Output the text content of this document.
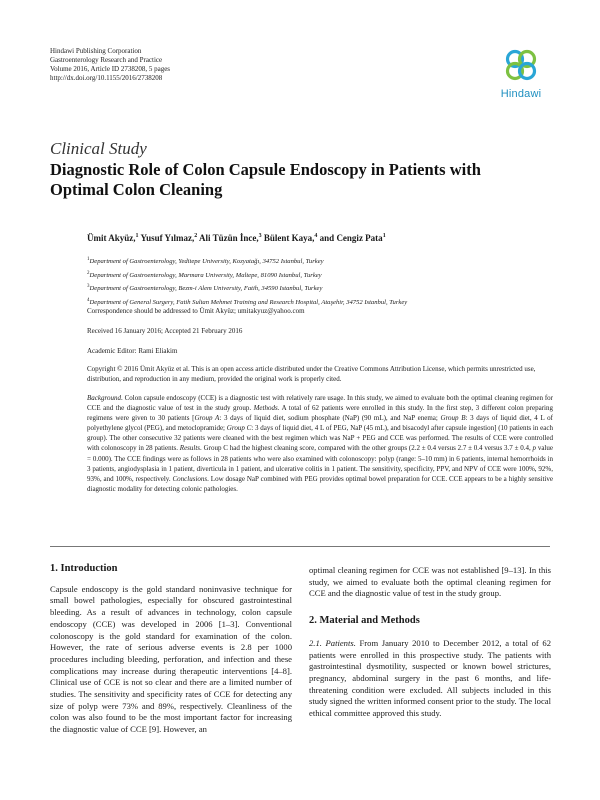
Hindawi Publishing Corporation
Gastroenterology Research and Practice
Volume 2016, Article ID 2738208, 5 pages
http://dx.doi.org/10.1155/2016/2738208
Hindawi
Clinical Study
Diagnostic Role of Colon Capsule Endoscopy in Patients with Optimal Colon Cleaning
Ümit Akyüz,$^1$ Yusuf Yılmaz,$^2$ Ali Tüzün İnce,$^3$ Bülent Kaya,$^4$ and Cengiz Pata$^1$
$^1$Department of Gastroenterology, Yeditepe University, Kozyatağı, 34752 Istanbul, Turkey
$^2$Department of Gastroenterology, Marmara University, Maltepe, 81090 Istanbul, Turkey
$^3$Department of Gastroenterology, Bezm-i Alem University, Fatih, 34590 Istanbul, Turkey
$^4$Department of General Surgery, Fatih Sultan Mehmet Training and Research Hospital, Ataşehir, 34752 Istanbul, Turkey
Correspondence should be addressed to Ümit Akyüz; umitakyuz@yahoo.com
Received 16 January 2016; Accepted 21 February 2016
Academic Editor: Rami Eliakim
Copyright © 2016 Ümit Akyüz et al. This is an open access article distributed under the Creative Commons Attribution License, which permits unrestricted use, distribution, and reproduction in any medium, provided the original work is properly cited.
Background. Colon capsule endoscopy (CCE) is a diagnostic test with relatively rare usage. In this study, we aimed to evaluate both the optimal cleaning regimen for CCE and the diagnostic value of test in the study group. Methods. A total of 62 patients were enrolled in this study. In the first step, 3 different colon preparing regimens were given to 30 patients [Group A: 3 days of liquid diet, sodium phosphate (NaP) (90 mL), and NaP enema; Group B: 3 days of liquid diet, 4 L of polyethylene glycol (PEG), and metoclopramide; Group C: 3 days of liquid diet, 4 L of PEG, NaP (45 mL), and bisacodyl after capsule ingestion] (10 patients in each group). The other consecutive 32 patients were cleaned with the best regimen which was NaP + PEG and CCE was performed. The results of CCE were controlled with colonoscopy in 28 patients. Results. Group C had the highest cleaning score, compared with the other groups (2.2 ± 0.4 versus 2.7 ± 0.4 versus 3.7 ± 0.4, p value = 0.000). The CCE findings were as follows in 28 patients who were also examined with colonoscopy: polyp (range: 5–10 mm) in 6 patients, internal hemorrhoids in 3 patients, angiodysplasia in 1 patient, diverticula in 1 patient, and ulcerative colitis in 1 patient. The sensitivity, specificity, PPV, and NPV of CCE were 100%, 92%, 93%, and 100%, respectively. Conclusions. Low dosage NaP combined with PEG provides optimal bowel preparation for CCE. CCE appears to be a highly sensitive diagnostic modality for detecting colonic pathologies.
1. Introduction

Capsule endoscopy is the gold standard noninvasive technique for small bowel pathologies, especially for obscured gastrointestinal bleeding. As a result of advances in technology, colon capsule endoscopy (CCE) was developed in 2006 [1–3]. Conventional colonoscopy is the gold standard for examination of the colon. However, the rate of serious adverse events is 2.8 per 1000 procedures including bleeding, perforation, and infection and these complications may increase during therapeutic interventions [4–8]. Clinical use of CCE is not so clear and there are a limited number of studies. The sensitivity and specificity rates of CCE for detecting any size of polyp were 73% and 89%, respectively. Cleanliness of the colon was also found to be the most important factor for increasing the diagnostic value of CCE [9]. However, an

optimal cleaning regimen for CCE was not established [9–13]. In this study, we aimed to evaluate both the optimal cleaning regimen for CCE and the diagnostic value of test in the study group.

2. Material and Methods

2.1. Patients. From January 2010 to December 2012, a total of 62 patients were enrolled in this prospective study. The patients with gastrointestinal dysmotility, suspected or known bowel strictures, pregnancy, abdominal surgery in the past 6 months, and life-threatening condition were excluded. All subjects included in this study signed the written informed consent prior to the study. The local ethical committee approved this study.
